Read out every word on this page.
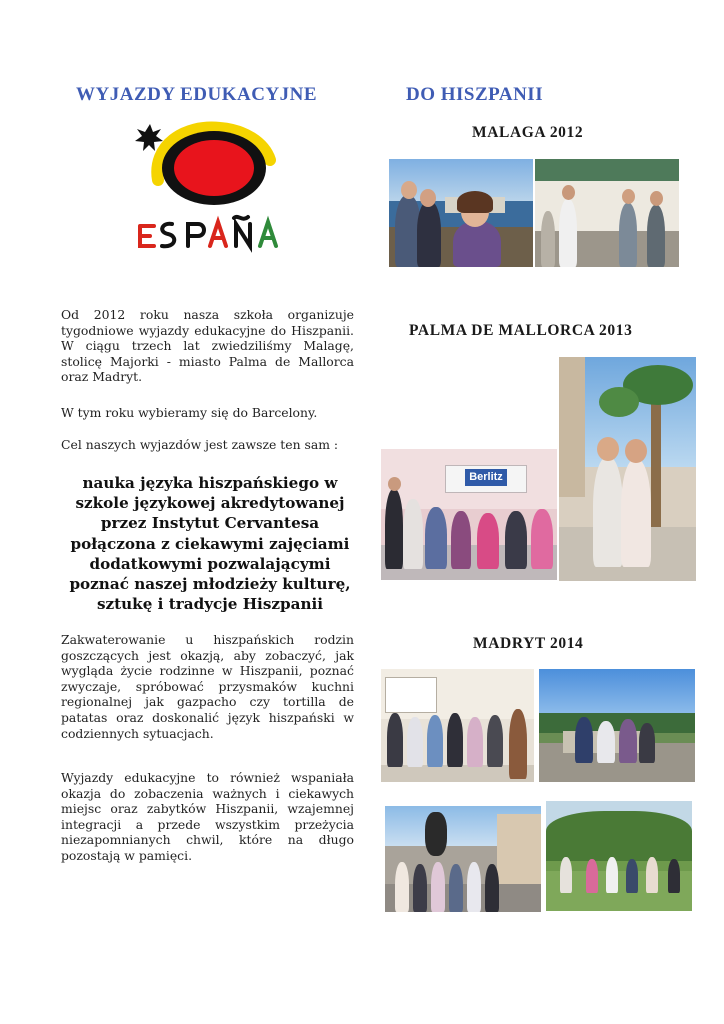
WYJAZDY EDUKACYJNE	DO HISZPANII
Od 2012 roku nasza szkoła organizuje tygodniowe wyjazdy edukacyjne do Hiszpanii. W ciągu trzech lat zwiedziliśmy Malagę, stolicę Majorki - miasto Palma de Mallorca oraz Madryt.
W tym roku wybieramy się do Barcelony.
Cel naszych wyjazdów jest zawsze ten sam :
nauka języka hiszpańskiego w
szkole językowej akredytowanej
przez Instytut Cervantesa
połączona z ciekawymi zajęciami
dodatkowymi pozwalającymi
poznać naszej młodzieży kulturę,
sztukę i tradycje Hiszpanii
Zakwaterowanie u hiszpańskich rodzin goszczących jest okazją, aby zobaczyć, jak wygląda życie rodzinne w Hiszpanii, poznać zwyczaje, spróbować przysmaków kuchni regionalnej jak gazpacho czy tortilla de patatas oraz doskonalić język hiszpański w codziennych sytuacjach.
Wyjazdy edukacyjne to również wspaniała okazja do zobaczenia ważnych i ciekawych miejsc oraz zabytków Hiszpanii, wzajemnej integracji a przede wszystkim przeżycia niezapomnianych chwil, które na długo pozostają w pamięci.
MALAGA 2012
PALMA DE MALLORCA 2013
MADRYT 2014
Berlitz
